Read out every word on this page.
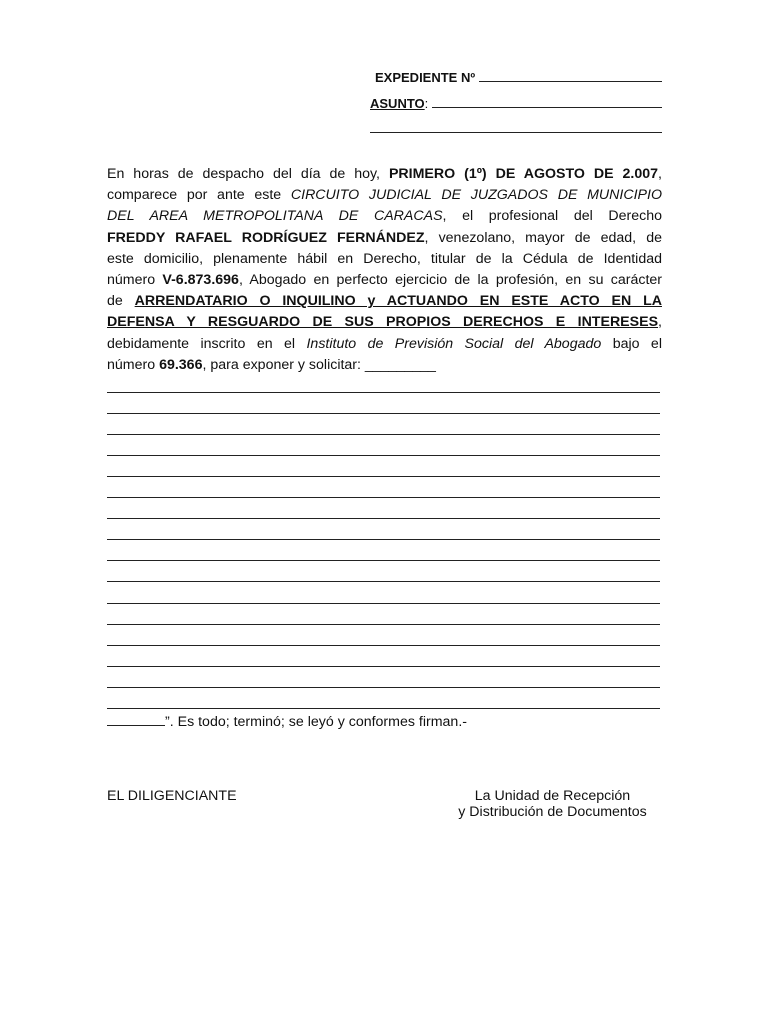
EXPEDIENTE Nº
ASUNTO:
En horas de despacho del día de hoy, PRIMERO (1º) DE AGOSTO DE 2.007,
comparece por ante este CIRCUITO JUDICIAL DE JUZGADOS DE MUNICIPIO
DEL AREA METROPOLITANA DE CARACAS, el profesional del Derecho
FREDDY RAFAEL RODRÍGUEZ FERNÁNDEZ, venezolano, mayor de edad, de
este domicilio, plenamente hábil en Derecho, titular de la Cédula de Identidad
número V-6.873.696, Abogado en perfecto ejercicio de la profesión, en su carácter
de ARRENDATARIO O INQUILINO y ACTUANDO EN ESTE ACTO EN LA
DEFENSA Y RESGUARDO DE SUS PROPIOS DERECHOS E INTERESES,
debidamente inscrito en el Instituto de Previsión Social del Abogado bajo el
número 69.366, para exponer y solicitar: _________
”. Es todo; terminó; se leyó y conformes firman.-
EL DILIGENCIANTE	La Unidad de Recepción
y Distribución de Documentos
